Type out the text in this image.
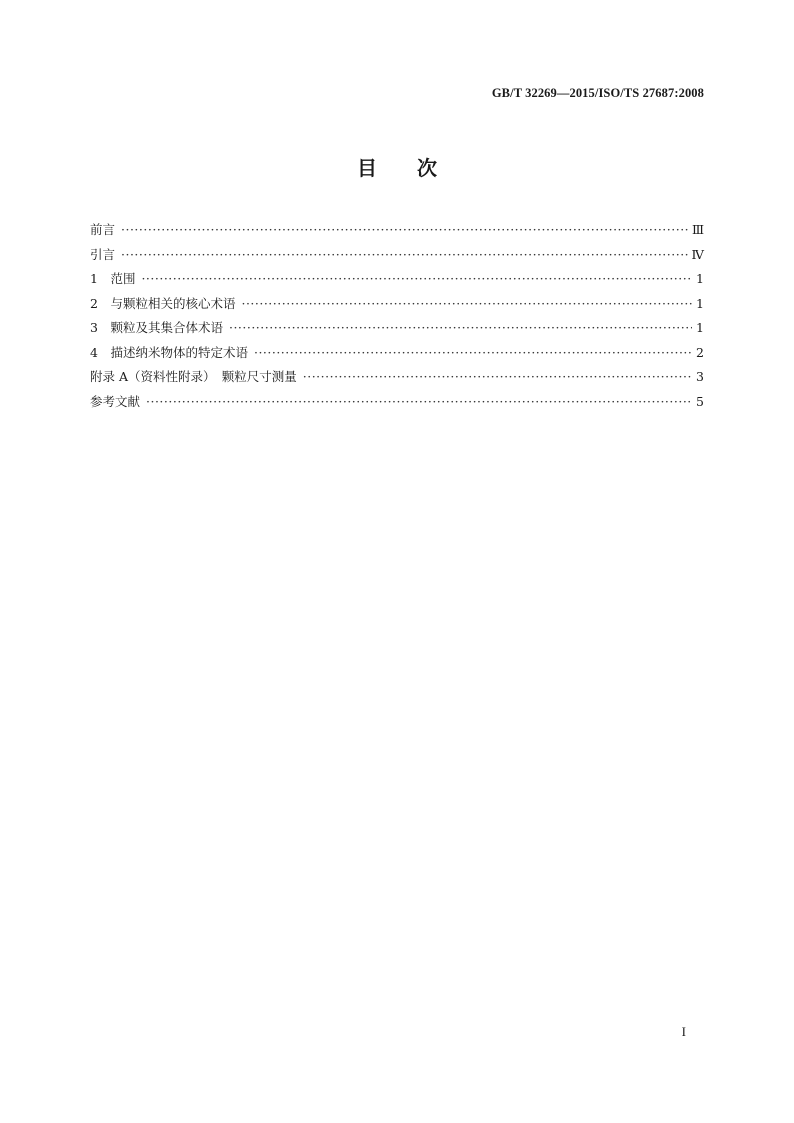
GB/T 32269—2015/ISO/TS 27687:2008
目次
前言 ·····	Ⅲ
引言 ·····	Ⅳ
1　范围 ·····	1
2　与颗粒相关的核心术语 ·····	1
3　颗粒及其集合体术语 ·····	1
4　描述纳米物体的特定术语 ·····	2
附录 A（资料性附录）　颗粒尺寸测量 ·····	3
参考文献 ·····	5
I
